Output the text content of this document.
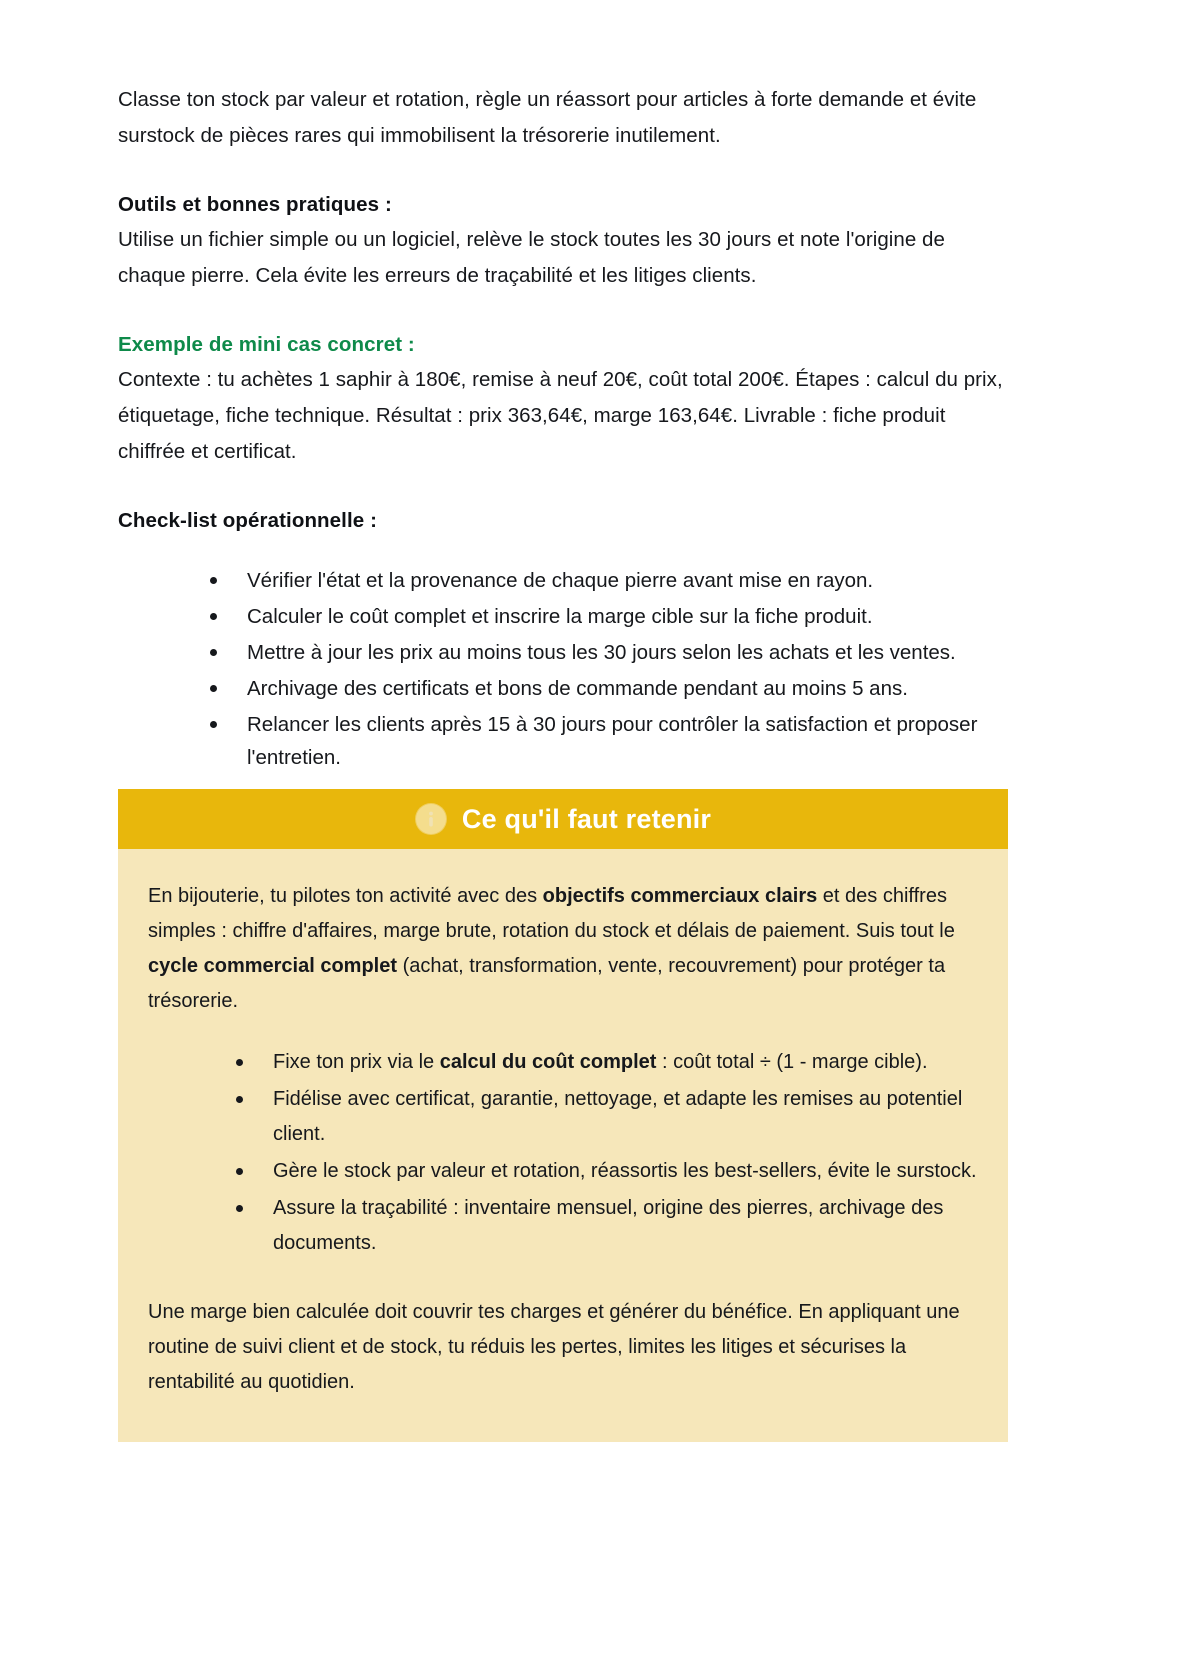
Classe ton stock par valeur et rotation, règle un réassort pour articles à forte demande et évite surstock de pièces rares qui immobilisent la trésorerie inutilement.

Outils et bonnes pratiques :

Utilise un fichier simple ou un logiciel, relève le stock toutes les 30 jours et note l'origine de chaque pierre. Cela évite les erreurs de traçabilité et les litiges clients.

Exemple de mini cas concret :

Contexte : tu achètes 1 saphir à 180€, remise à neuf 20€, coût total 200€. Étapes : calcul du prix, étiquetage, fiche technique. Résultat : prix 363,64€, marge 163,64€. Livrable : fiche produit chiffrée et certificat.

Check-list opérationnelle :
Vérifier l'état et la provenance de chaque pierre avant mise en rayon.
Calculer le coût complet et inscrire la marge cible sur la fiche produit.
Mettre à jour les prix au moins tous les 30 jours selon les achats et les ventes.
Archivage des certificats et bons de commande pendant au moins 5 ans.
Relancer les clients après 15 à 30 jours pour contrôler la satisfaction et proposer l'entretien.
Ce qu'il faut retenir

En bijouterie, tu pilotes ton activité avec des objectifs commerciaux clairs et des chiffres simples : chiffre d'affaires, marge brute, rotation du stock et délais de paiement. Suis tout le cycle commercial complet (achat, transformation, vente, recouvrement) pour protéger ta trésorerie.

Fixe ton prix via le calcul du coût complet : coût total ÷ (1 - marge cible).
Fidélise avec certificat, garantie, nettoyage, et adapte les remises au potentiel client.
Gère le stock par valeur et rotation, réassortis les best-sellers, évite le surstock.
Assure la traçabilité : inventaire mensuel, origine des pierres, archivage des documents.

Une marge bien calculée doit couvrir tes charges et générer du bénéfice. En appliquant une routine de suivi client et de stock, tu réduis les pertes, limites les litiges et sécurises la rentabilité au quotidien.
